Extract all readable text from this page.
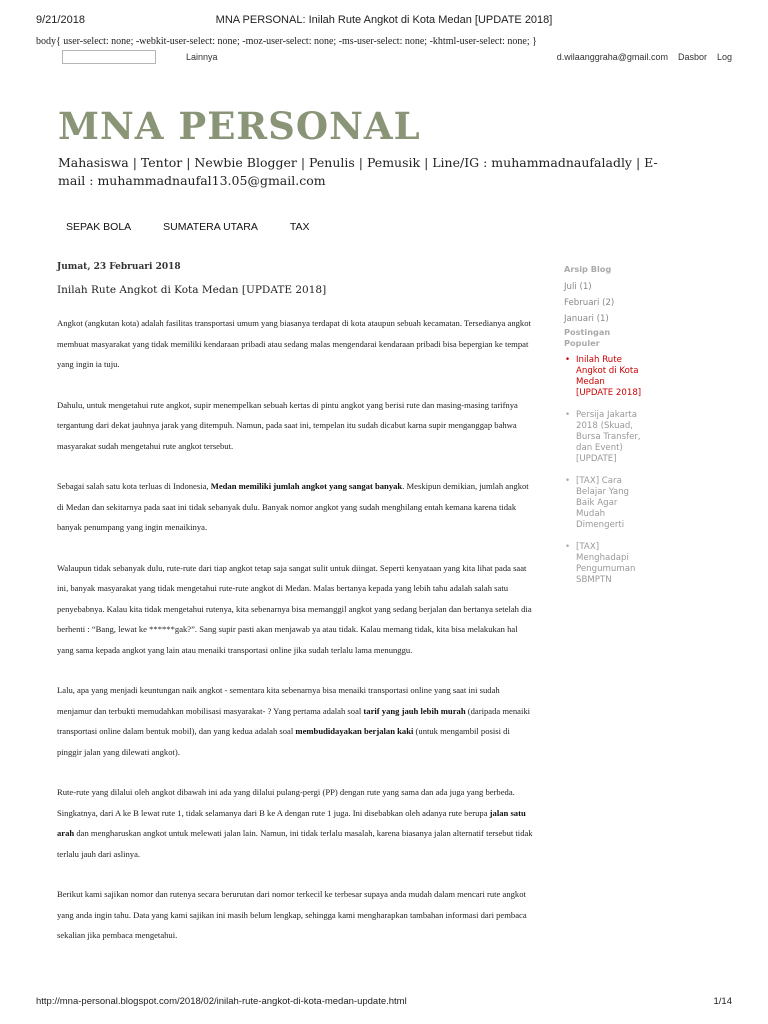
9/21/2018	MNA PERSONAL: Inilah Rute Angkot di Kota Medan [UPDATE 2018]
body{ user-select: none; -webkit-user-select: none; -moz-user-select: none; -ms-user-select: none; -khtml-user-select: none; }
Lainnya	d.wilaanggraha@gmail.com Dasbor Log
MNA PERSONAL
Mahasiswa | Tentor | Newbie Blogger | Penulis | Pemusik | Line/IG : muhammadnaufaladly | E-mail : muhammadnaufal13.05@gmail.com
SEPAK BOLA	SUMATERA UTARA	TAX
Jumat, 23 Februari 2018
Inilah Rute Angkot di Kota Medan [UPDATE 2018]

Angkot (angkutan kota) adalah fasilitas transportasi umum yang biasanya terdapat di kota ataupun sebuah kecamatan. Tersedianya angkot membuat masyarakat yang tidak memiliki kendaraan pribadi atau sedang malas mengendarai kendaraan pribadi bisa bepergian ke tempat yang ingin ia tuju.

Dahulu, untuk mengetahui rute angkot, supir menempelkan sebuah kertas di pintu angkot yang berisi rute dan masing-masing tarifnya tergantung dari dekat jauhnya jarak yang ditempuh. Namun, pada saat ini, tempelan itu sudah dicabut karna supir menganggap bahwa masyarakat sudah mengetahui rute angkot tersebut.

Sebagai salah satu kota terluas di Indonesia, Medan memiliki jumlah angkot yang sangat banyak. Meskipun demikian, jumlah angkot di Medan dan sekitarnya pada saat ini tidak sebanyak dulu. Banyak nomor angkot yang sudah menghilang entah kemana karena tidak banyak penumpang yang ingin menaikinya.

Walaupun tidak sebanyak dulu, rute-rute dari tiap angkot tetap saja sangat sulit untuk diingat. Seperti kenyataan yang kita lihat pada saat ini, banyak masyarakat yang tidak mengetahui rute-rute angkot di Medan. Malas bertanya kepada yang lebih tahu adalah salah satu penyebabnya. Kalau kita tidak mengetahui rutenya, kita sebenarnya bisa memanggil angkot yang sedang berjalan dan bertanya setelah dia berhenti : “Bang, lewat ke ******gak?”. Sang supir pasti akan menjawab ya atau tidak. Kalau memang tidak, kita bisa melakukan hal yang sama kepada angkot yang lain atau menaiki transportasi online jika sudah terlalu lama menunggu.

Lalu, apa yang menjadi keuntungan naik angkot - sementara kita sebenarnya bisa menaiki transportasi online yang saat ini sudah menjamur dan terbukti memudahkan mobilisasi masyarakat- ? Yang pertama adalah soal tarif yang jauh lebih murah (daripada menaiki transportasi online dalam bentuk mobil), dan yang kedua adalah soal membudidayakan berjalan kaki (untuk mengambil posisi di pinggir jalan yang dilewati angkot).

Rute-rute yang dilalui oleh angkot dibawah ini ada yang dilalui pulang-pergi (PP) dengan rute yang sama dan ada juga yang berbeda. Singkatnya, dari A ke B lewat rute 1, tidak selamanya dari B ke A dengan rute 1 juga. Ini disebabkan oleh adanya rute berupa jalan satu arah dan mengharuskan angkot untuk melewati jalan lain. Namun, ini tidak terlalu masalah, karena biasanya jalan alternatif tersebut tidak terlalu jauh dari aslinya.

Berikut kami sajikan nomor dan rutenya secara berurutan dari nomor terkecil ke terbesar supaya anda mudah dalam mencari rute angkot yang anda ingin tahu. Data yang kami sajikan ini masih belum lengkap, sehingga kami mengharapkan tambahan informasi dari pembaca sekalian jika pembaca mengetahui.

Arsip Blog
Juli (1)
Februari (2)
Januari (1)
Postingan Populer
• Inilah Rute Angkot di Kota Medan [UPDATE 2018]
• Persija Jakarta 2018 (Skuad, Bursa Transfer, dan Event) [UPDATE]
• [TAX] Cara Belajar Yang Baik Agar Mudah Dimengerti
• [TAX] Menghadapi Pengumuman SBMPTN
http://mna-personal.blogspot.com/2018/02/inilah-rute-angkot-di-kota-medan-update.html	1/14
